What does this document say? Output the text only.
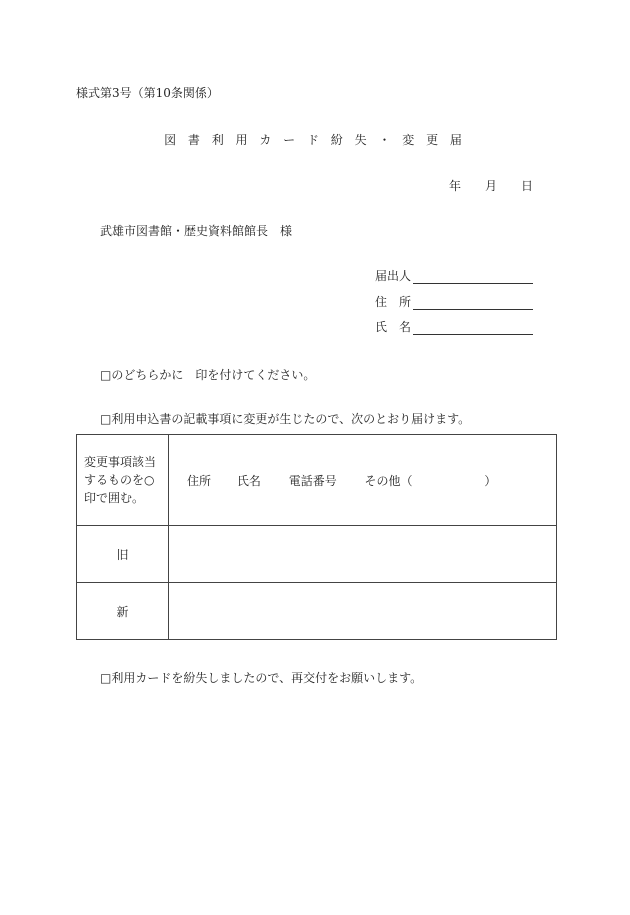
様式第3号（第10条関係）
図 書 利 用 カ ー ド 紛 失 ・ 変 更 届
年 月 日
武雄市図書館・歴史資料館館長　様
届出人
住　所
氏　名
□のどちらかに　印を付けてください。
□利用申込書の記載事項に変更が生じたので、次のとおり届けます。
変更事項該当
するものを○
印で囲む。	住所 氏名 電話番号 その他（ ）
旧	
新	
□利用カードを紛失しましたので、再交付をお願いします。
